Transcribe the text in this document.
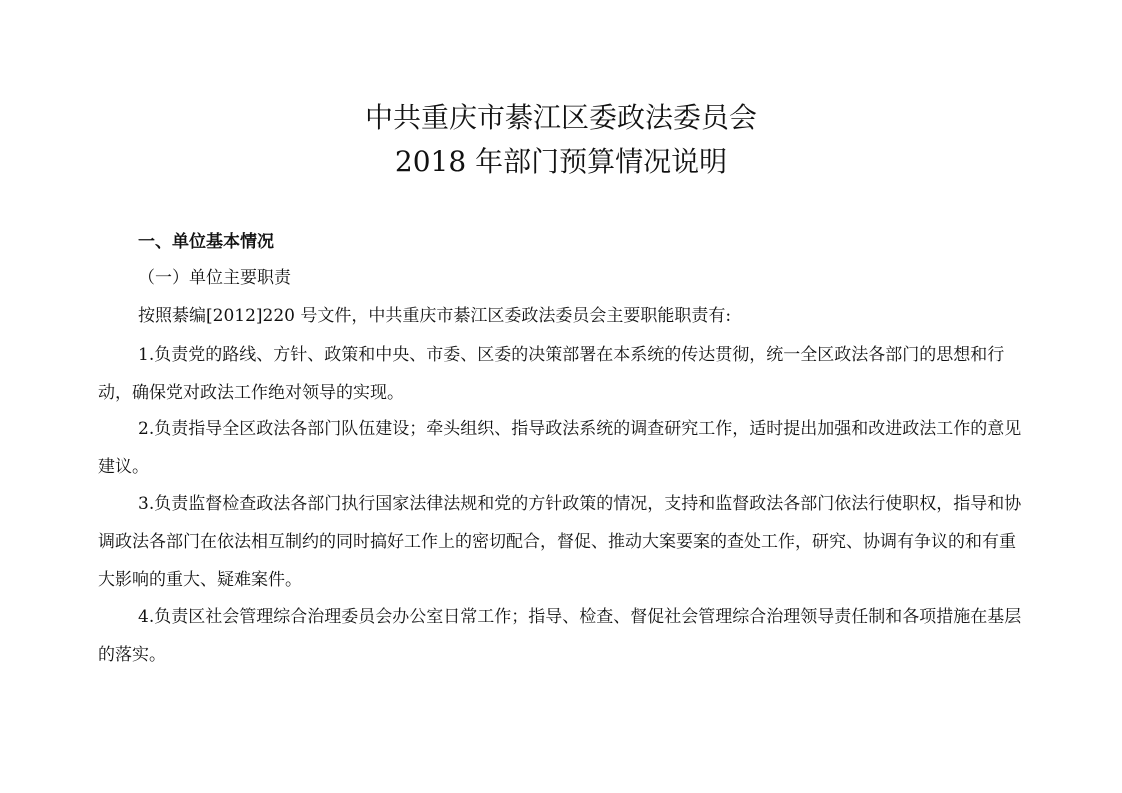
中共重庆市綦江区委政法委员会
2018 年部门预算情况说明
一、单位基本情况
（一）单位主要职责
按照綦编[2012]220 号文件，中共重庆市綦江区委政法委员会主要职能职责有:
1.负责党的路线、方针、政策和中央、市委、区委的决策部署在本系统的传达贯彻，统一全区政法各部门的思想和行动，确保党对政法工作绝对领导的实现。
2.负责指导全区政法各部门队伍建设；牵头组织、指导政法系统的调查研究工作，适时提出加强和改进政法工作的意见建议。
3.负责监督检查政法各部门执行国家法律法规和党的方针政策的情况，支持和监督政法各部门依法行使职权，指导和协调政法各部门在依法相互制约的同时搞好工作上的密切配合，督促、推动大案要案的查处工作，研究、协调有争议的和有重大影响的重大、疑难案件。
4.负责区社会管理综合治理委员会办公室日常工作；指导、检查、督促社会管理综合治理领导责任制和各项措施在基层的落实。
